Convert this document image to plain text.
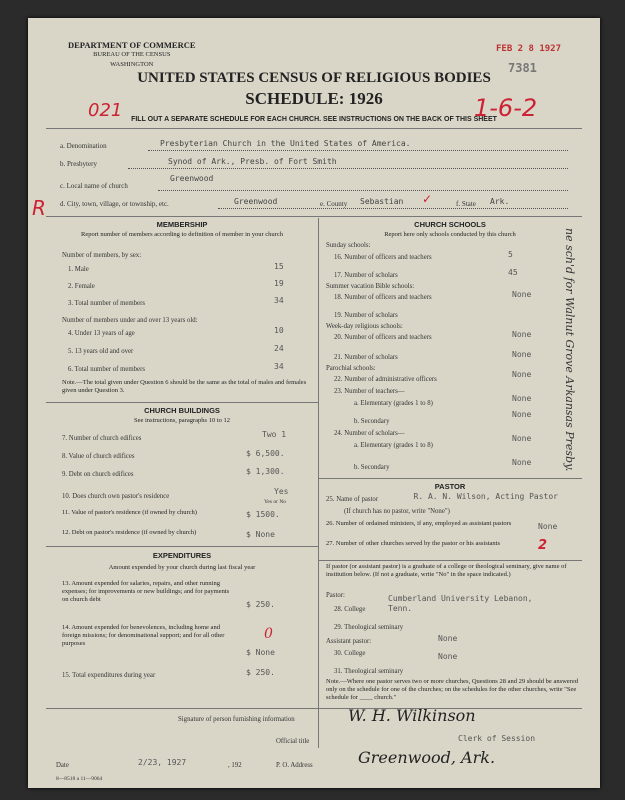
DEPARTMENT OF COMMERCE
BUREAU OF THE CENSUS
WASHINGTON
FEB 2 8 1927
7381
UNITED STATES CENSUS OF RELIGIOUS BODIES
SCHEDULE: 1926
021	1-6-2
R
FILL OUT A SEPARATE SCHEDULE FOR EACH CHURCH. SEE INSTRUCTIONS ON THE BACK OF THIS SHEET
a. Denomination	Presbyterian Church in the United States of America.
b. Presbytery	Synod of Ark., Presb. of Fort Smith
c. Local name of church
Greenwood
d. City, town, village, or township, etc.	Greenwood	e. County Sebastian ✓	f. State Ark.
MEMBERSHIP
Report number of members according to definition of member in your church
Number of members, by sex:
1. Male	15
2. Female	19
3. Total number of members	34
Number of members under and over 13 years old:
4. Under 13 years of age	10
5. 13 years old and over	24
6. Total number of members	34
Note.—The total given under Question 6 should be the same as the total of males and females given under Question 3.
CHURCH BUILDINGS
See instructions, paragraphs 10 to 12
7. Number of church edifices	Two 1
8. Value of church edifices	$ 6,500.
9. Debt on church edifices	$ 1,300.
10. Does church own pastor's residence
Yes
Yes or No
11. Value of pastor's residence (if owned by church)	$ 1500.
12. Debt on pastor's residence (if owned by church)	$ None
EXPENDITURES
Amount expended by your church during last fiscal year
13. Amount expended for salaries, repairs, and other running expenses; for improvements or new buildings; and for payments on church debt
$ 250.
14. Amount expended for benevolences, including home and foreign missions; for denominational support; and for all other purposes
0
$ None
15. Total expenditures during year	$ 250.
CHURCH SCHOOLS
Report here only schools conducted by this church
Sunday schools:
16. Number of officers and teachers	5
17. Number of scholars	45
Summer vacation Bible schools:
18. Number of officers and teachers	None
19. Number of scholars
Week-day religious schools:
20. Number of officers and teachers	None
21. Number of scholars	None
Parochial schools:
22. Number of administrative officers
None
23. Number of teachers—
a. Elementary (grades 1 to 8)
None
b. Secondary
None
24. Number of scholars—
a. Elementary (grades 1 to 8)
None
b. Secondary
None
PASTOR
25. Name of pastor	R. A. N. Wilson, Acting Pastor
(If church has no pastor, write "None")
26. Number of ordained ministers, if any, employed as assistant pastors	None
27. Number of other churches served by the pastor or his assistants	2
If pastor (or assistant pastor) is a graduate of a college or theological seminary, give name of institution below. (If not a graduate, write "No" in the space indicated.)
Pastor:
28. College
Cumberland University Lebanon, Tenn.
29. Theological seminary
Assistant pastor:	None
30. College	None
31. Theological seminary
Note.—Where one pastor serves two or more churches, Questions 28 and 29 should be answered only on the schedule for one of the churches; on the schedules for the other churches, write "See schedule for ____ church."
Signature of person furnishing information	W. H. Wilkinson
Official title	Clerk of Session
Date	2/23, 1927	, 192	P. O. Address	Greenwood, Ark.
8—8518 a 11—9064
ne sch'd for Walnut Grove Arkansas Presby.
